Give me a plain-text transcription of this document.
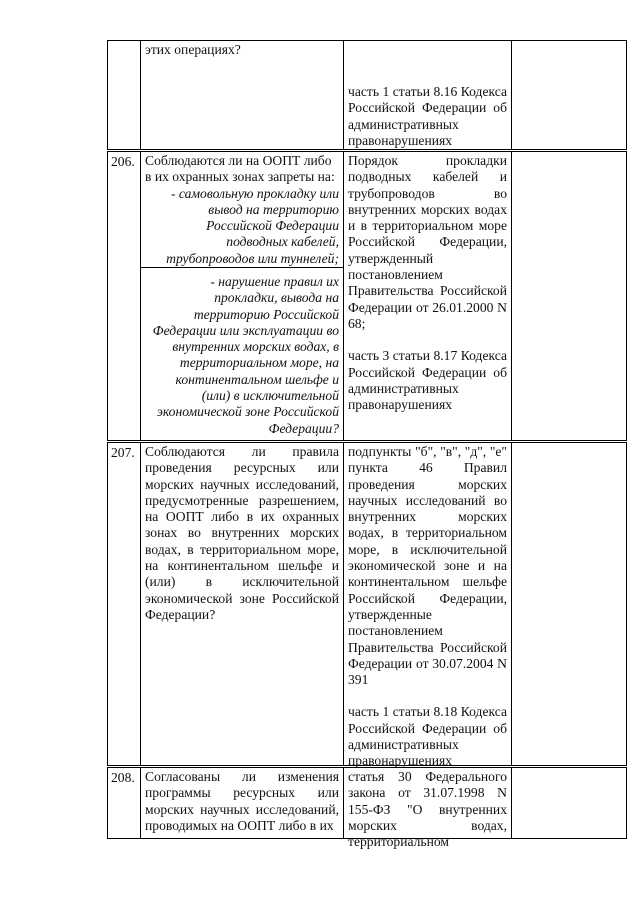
этих операциях?

часть 1 статьи 8.16 Кодекса Российской Федерации об административных правонарушениях

206. Соблюдаются ли на ООПТ либо в их охранных зонах запреты на:

- самовольную прокладку или вывод на территорию Российской Федерации подводных кабелей, трубопроводов или туннелей;

- нарушение правил их прокладки, вывода на территорию Российской Федерации или эксплуатации во внутренних морских водах, в территориальном море, на континентальном шельфе и (или) в исключительной экономической зоне Российской Федерации?

Порядок прокладки подводных кабелей и трубопроводов во внутренних морских водах и в территориальном море Российской Федерации, утвержденный постановлением Правительства Российской Федерации от 26.01.2000 N 68;

часть 3 статьи 8.17 Кодекса Российской Федерации об административных правонарушениях

207. Соблюдаются ли правила проведения ресурсных или морских научных исследований, предусмотренные разрешением, на ООПТ либо в их охранных зонах во внутренних морских водах, в территориальном море, на континентальном шельфе и (или) в исключительной экономической зоне Российской Федерации?

подпункты "б", "в", "д", "е" пункта 46 Правил проведения морских научных исследований во внутренних морских водах, в территориальном море, в исключительной экономической зоне и на континентальном шельфе Российской Федерации, утвержденные постановлением Правительства Российской Федерации от 30.07.2004 N 391

часть 1 статьи 8.18 Кодекса Российской Федерации об административных правонарушениях

208. Согласованы ли изменения программы ресурсных или морских научных исследований, проводимых на ООПТ либо в их

статья 30 Федерального закона от 31.07.1998 N 155-ФЗ "О внутренних морских водах, территориальном
